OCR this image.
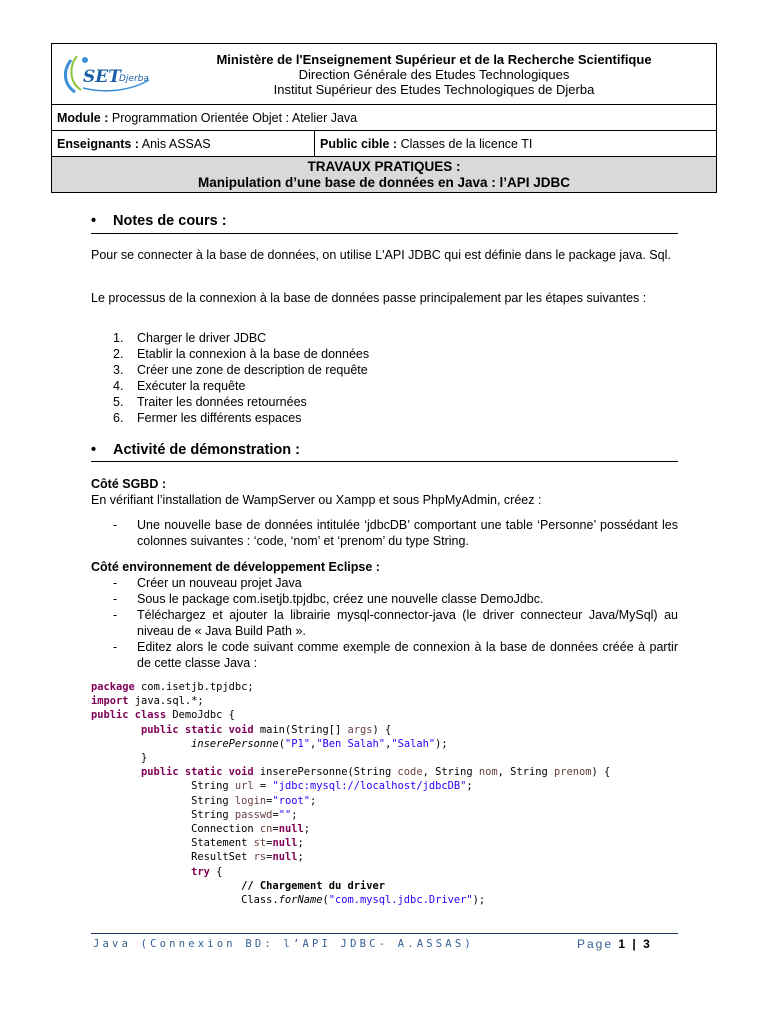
SET
Djerba
Ministère de l'Enseignement Supérieur et de la Recherche Scientifique
Direction Générale des Etudes Technologiques
Institut Supérieur des Etudes Technologiques de Djerba

Module : Programmation Orientée Objet : Atelier Java
Enseignants : Anis ASSAS	Public cible : Classes de la licence TI

TRAVAUX PRATIQUES :
Manipulation d’une base de données en Java : l’API JDBC
• Notes de cours :
Pour se connecter à la base de données, on utilise L'API JDBC qui est définie dans le package java. Sql.
Le processus de la connexion à la base de données passe principalement par les étapes suivantes :
1. Charger le driver JDBC
2. Etablir la connexion à la base de données
3. Créer une zone de description de requête
4. Exécuter la requête
5. Traiter les données retournées
6. Fermer les différents espaces
• Activité de démonstration :
Côté SGBD :
En vérifiant l’installation de WampServer ou Xampp et sous PhpMyAdmin, créez :
- Une nouvelle base de données intitulée ‘jdbcDB’ comportant une table ‘Personne’ possédant les colonnes suivantes : ‘code, ‘nom’ et ‘prenom’ du type String.
Côté environnement de développement Eclipse :
- Créer un nouveau projet Java
- Sous le package com.isetjb.tpjdbc, créez une nouvelle classe DemoJdbc.
- Téléchargez et ajouter la librairie mysql-connector-java (le driver connecteur Java/MySql) au niveau de « Java Build Path ».
- Editez alors le code suivant comme exemple de connexion à la base de données créée à partir de cette classe Java :
package com.isetjb.tpjdbc;
import java.sql.*;
public class DemoJdbc {
public static void main(String[] args) {
inserePersonne("P1","Ben Salah","Salah");
}
public static void inserePersonne(String code, String nom, String prenom) {
String url = "jdbc:mysql://localhost/jdbcDB";
String login="root";
String passwd="";
Connection cn=null;
Statement st=null;
ResultSet rs=null;
try {
// Chargement du driver
Class.forName("com.mysql.jdbc.Driver");
Java (Connexion BD: l’API JDBC- A.ASSAS)	Page 1 | 3
